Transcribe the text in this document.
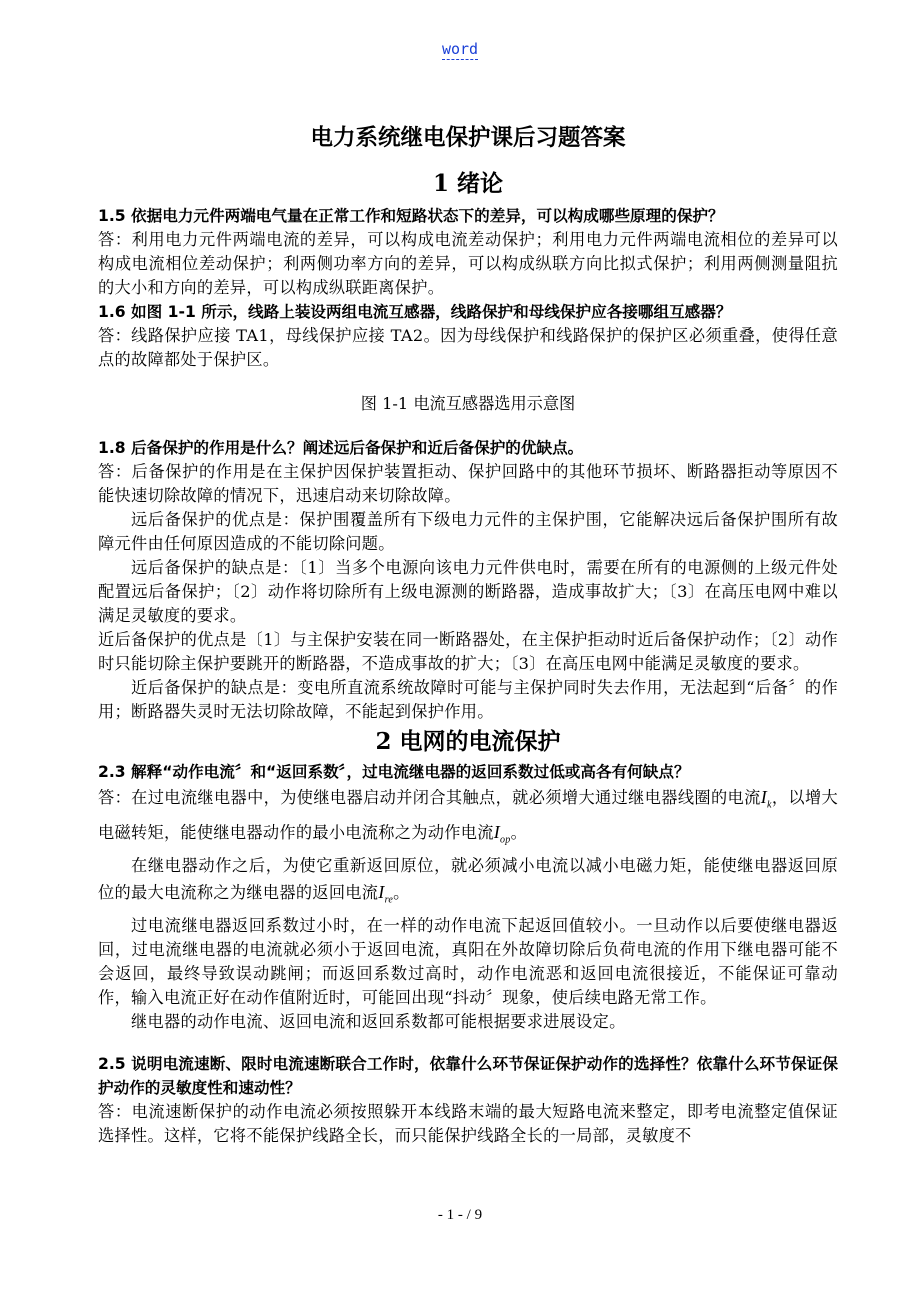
word
电力系统继电保护课后习题答案
1 绪论

1.5 依据电力元件两端电气量在正常工作和短路状态下的差异，可以构成哪些原理的保护？

答：利用电力元件两端电流的差异，可以构成电流差动保护；利用电力元件两端电流相位的差异可以构成电流相位差动保护；利两侧功率方向的差异，可以构成纵联方向比拟式保护；利用两侧测量阻抗的大小和方向的差异，可以构成纵联距离保护。

1.6 如图 1-1 所示，线路上装设两组电流互感器，线路保护和母线保护应各接哪组互感器？

答：线路保护应接 TA1，母线保护应接 TA2。因为母线保护和线路保护的保护区必须重叠，使得任意点的故障都处于保护区。

图 1-1 电流互感器选用示意图

1.8 后备保护的作用是什么？阐述远后备保护和近后备保护的优缺点。

答：后备保护的作用是在主保护因保护装置拒动、保护回路中的其他环节损坏、断路器拒动等原因不能快速切除故障的情况下，迅速启动来切除故障。

远后备保护的优点是：保护围覆盖所有下级电力元件的主保护围，它能解决远后备保护围所有故障元件由任何原因造成的不能切除问题。

远后备保护的缺点是：〔1〕当多个电源向该电力元件供电时，需要在所有的电源侧的上级元件处配置远后备保护；〔2〕动作将切除所有上级电源测的断路器，造成事故扩大；〔3〕在高压电网中难以满足灵敏度的要求。

近后备保护的优点是〔1〕与主保护安装在同一断路器处，在主保护拒动时近后备保护动作；〔2〕动作时只能切除主保护要跳开的断路器，不造成事故的扩大；〔3〕在高压电网中能满足灵敏度的要求。

近后备保护的缺点是：变电所直流系统故障时可能与主保护同时失去作用，无法起到“后备〞的作用；断路器失灵时无法切除故障，不能起到保护作用。

2 电网的电流保护

2.3 解释“动作电流〞和“返回系数〞，过电流继电器的返回系数过低或高各有何缺点？

答：在过电流继电器中，为使继电器启动并闭合其触点，就必须增大通过继电器线圈的电流$I_k$，以增大电磁转矩，能使继电器动作的最小电流称之为动作电流$I_{op}$。

在继电器动作之后，为使它重新返回原位，就必须减小电流以减小电磁力矩，能使继电器返回原位的最大电流称之为继电器的返回电流$I_{re}$。

过电流继电器返回系数过小时，在一样的动作电流下起返回值较小。一旦动作以后要使继电器返回，过电流继电器的电流就必须小于返回电流，真阳在外故障切除后负荷电流的作用下继电器可能不会返回，最终导致误动跳闸；而返回系数过高时，动作电流恶和返回电流很接近，不能保证可靠动作，输入电流正好在动作值附近时，可能回出现“抖动〞现象，使后续电路无常工作。

继电器的动作电流、返回电流和返回系数都可能根据要求进展设定。

2.5 说明电流速断、限时电流速断联合工作时，依靠什么环节保证保护动作的选择性？依靠什么环节保证保护动作的灵敏度性和速动性？

答：电流速断保护的动作电流必须按照躲开本线路末端的最大短路电流来整定，即考电流整定值保证选择性。这样，它将不能保护线路全长，而只能保护线路全长的一局部，灵敏度不

- 1 - / 9
